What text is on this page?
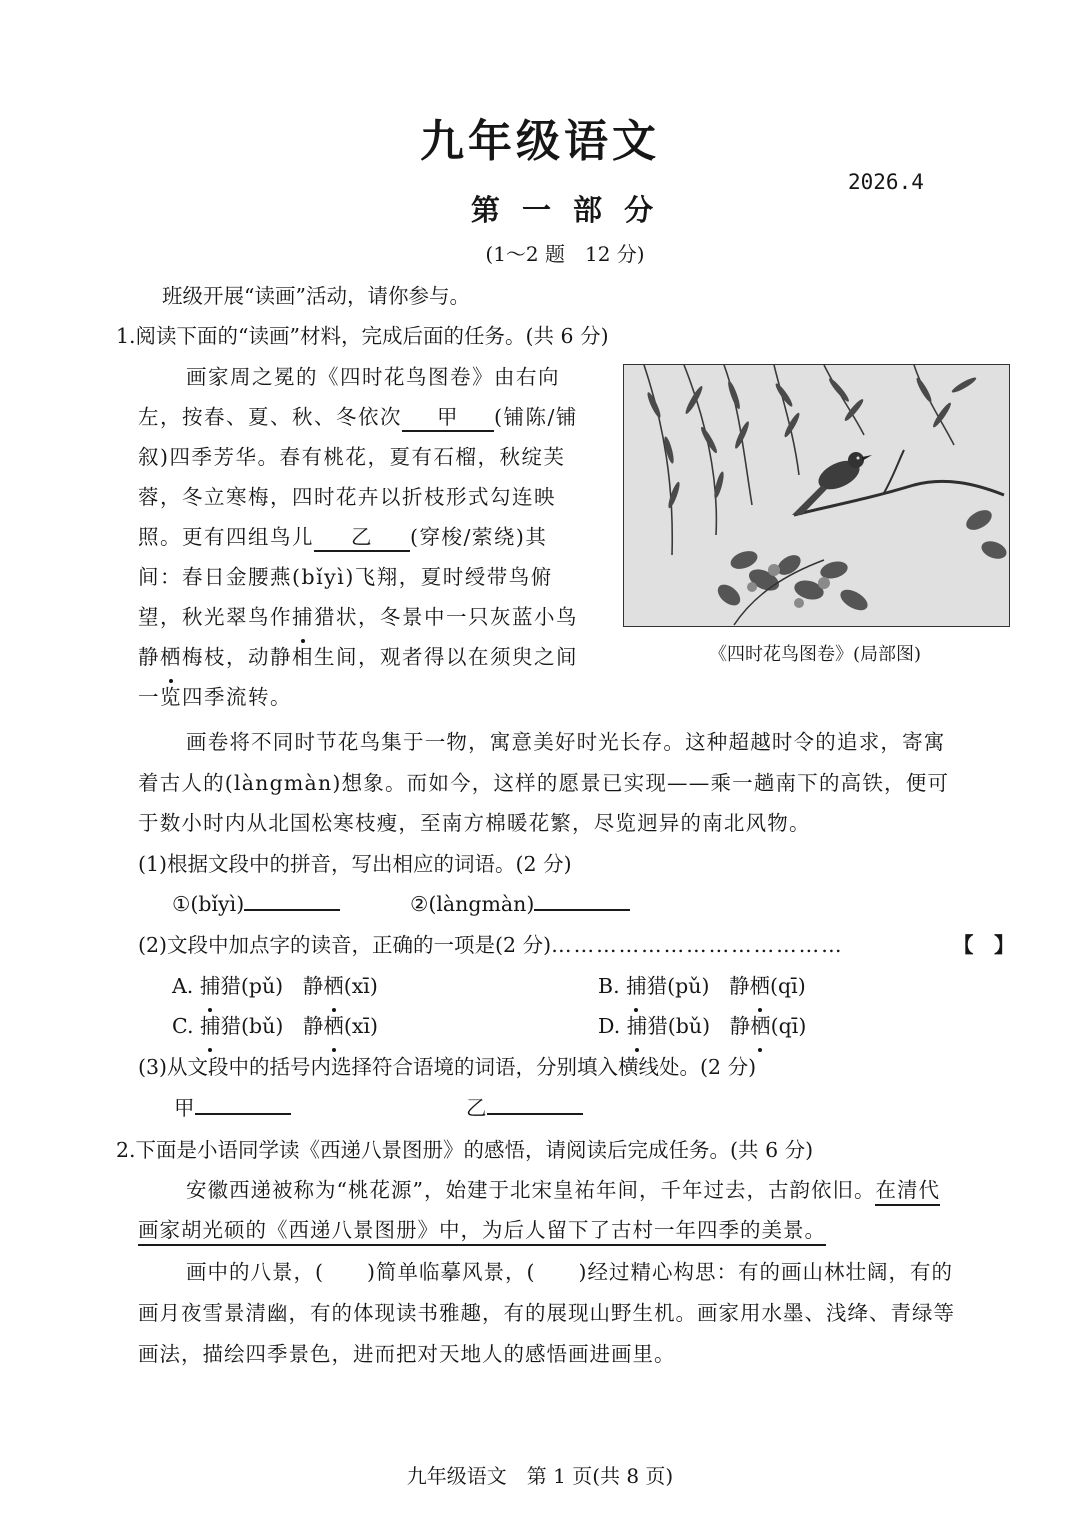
九年级语文
2026.4
第 一 部 分
(1～2 题　12 分)
班级开展“读画”活动，请你参与。
1.阅读下面的“读画”材料，完成后面的任务。(共 6 分)
画家周之冕的《四时花鸟图卷》由右向
左，按春、夏、秋、冬依次 甲 (铺陈/铺
叙)四季芳华。春有桃花，夏有石榴，秋绽芙
蓉，冬立寒梅，四时花卉以折枝形式勾连映
照。更有四组鸟儿 乙 (穿梭/萦绕)其
间：春日金腰燕(bǐyì)飞翔，夏时绶带鸟俯
望，秋光翠鸟作捕猎状，冬景中一只灰蓝小鸟
静栖梅枝，动静相生间，观者得以在须臾之间
一览四季流转。
《四时花鸟图卷》(局部图)
画卷将不同时节花鸟集于一物，寓意美好时光长存。这种超越时令的追求，寄寓
着古人的(làngmàn)想象。而如今，这样的愿景已实现——乘一趟南下的高铁，便可
于数小时内从北国松寒枝瘦，至南方棉暖花繁，尽览迥异的南北风物。
(1)根据文段中的拼音，写出相应的词语。(2 分)
①(bǐyì)	②(làngmàn)
(2)文段中加点字的读音，正确的一项是(2 分)…………………………………	【　】
A. 捕猎(pǔ) 静栖(xī)	B. 捕猎(pǔ) 静栖(qī)
C. 捕猎(bǔ) 静栖(xī)	D. 捕猎(bǔ) 静栖(qī)
(3)从文段中的括号内选择符合语境的词语，分别填入横线处。(2 分)
甲	乙
2.下面是小语同学读《西递八景图册》的感悟，请阅读后完成任务。(共 6 分)
安徽西递被称为“桃花源”，始建于北宋皇祐年间，千年过去，古韵依旧。在清代
画家胡光硕的《西递八景图册》中，为后人留下了古村一年四季的美景。
画中的八景，(　　)简单临摹风景，(　　)经过精心构思：有的画山林壮阔，有的
画月夜雪景清幽，有的体现读书雅趣，有的展现山野生机。画家用水墨、浅绛、青绿等
画法，描绘四季景色，进而把对天地人的感悟画进画里。
九年级语文　第 1 页(共 8 页)
